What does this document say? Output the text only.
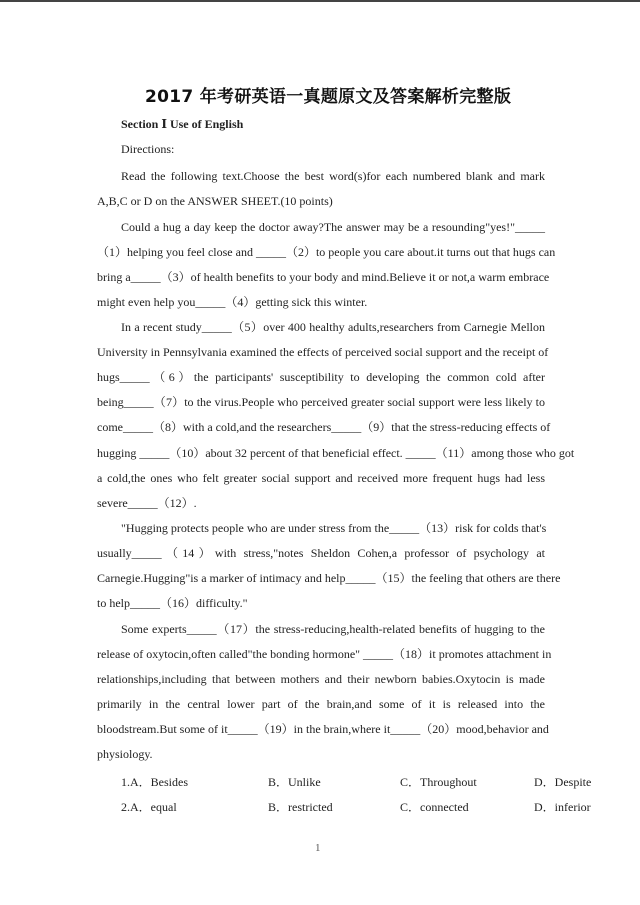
2017 年考研英语一真题原文及答案解析完整版
Section Ⅰ Use of English
Directions:
Read the following text.Choose the best word(s)for each numbered blank and mark
A,B,C or D on the ANSWER SHEET.(10 points)
Could a hug a day keep the doctor away?The answer may be a resounding"yes!"_____
（1）helping you feel close and _____（2）to people you care about.it turns out that hugs can
bring a_____（3）of health benefits to your body and mind.Believe it or not,a warm embrace
might even help you_____（4）getting sick this winter.
In a recent study_____（5）over 400 healthy adults,researchers from Carnegie Mellon
University in Pennsylvania examined the effects of perceived social support and the receipt of
hugs_____（6）the participants' susceptibility to developing the common cold after
being_____（7）to the virus.People who perceived greater social support were less likely to
come_____（8）with a cold,and the researchers_____（9）that the stress-reducing effects of
hugging _____（10）about 32 percent of that beneficial effect. _____（11）among those who got
a cold,the ones who felt greater social support and received more frequent hugs had less
severe_____（12）.
"Hugging protects people who are under stress from the_____（13）risk for colds that's
usually_____（14）with stress,"notes Sheldon Cohen,a professor of psychology at
Carnegie.Hugging"is a marker of intimacy and help_____（15）the feeling that others are there
to help_____（16）difficulty."
Some experts_____（17）the stress-reducing,health-related benefits of hugging to the
release of oxytocin,often called"the bonding hormone" _____（18）it promotes attachment in
relationships,including that between mothers and their newborn babies.Oxytocin is made
primarily in the central lower part of the brain,and some of it is released into the
bloodstream.But some of it_____（19）in the brain,where it_____（20）mood,behavior and
physiology.
1.A．Besides	B．Unlike	C．Throughout	D．Despite
2.A．equal	B．restricted	C．connected	D．inferior
1
